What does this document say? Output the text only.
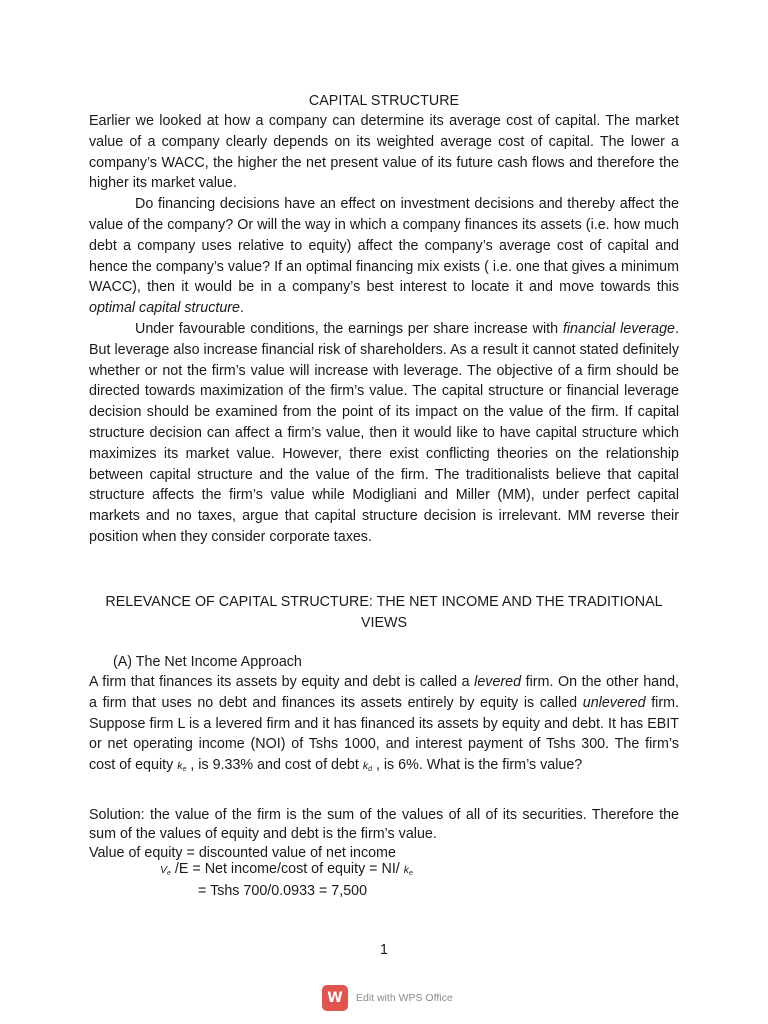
CAPITAL STRUCTURE

Earlier we looked at how a company can determine its average cost of capital. The market value of a company clearly depends on its weighted average cost of capital. The lower a company’s WACC, the higher the net present value of its future cash flows and therefore the higher its market value.

Do financing decisions have an effect on investment decisions and thereby affect the value of the company? Or will the way in which a company finances its assets (i.e. how much debt a company uses relative to equity) affect the company’s average cost of capital and hence the company’s value? If an optimal financing mix exists ( i.e. one that gives a minimum WACC), then it would be in a company’s best interest to locate it and move towards this optimal capital structure.

Under favourable conditions, the earnings per share increase with financial leverage. But leverage also increase financial risk of shareholders. As a result it cannot stated definitely whether or not the firm’s value will increase with leverage. The objective of a firm should be directed towards maximization of the firm’s value. The capital structure or financial leverage decision should be examined from the point of its impact on the value of the firm. If capital structure decision can affect a firm’s value, then it would like to have capital structure which maximizes its market value. However, there exist conflicting theories on the relationship between capital structure and the value of the firm. The traditionalists believe that capital structure affects the firm’s value while Modigliani and Miller (MM), under perfect capital markets and no taxes, argue that capital structure decision is irrelevant. MM reverse their position when they consider corporate taxes.

RELEVANCE OF CAPITAL STRUCTURE: THE NET INCOME AND THE TRADITIONAL VIEWS
(A) The Net Income Approach

A firm that finances its assets by equity and debt is called a levered firm. On the other hand, a firm that uses no debt and finances its assets entirely by equity is called unlevered firm. Suppose firm L is a levered firm and it has financed its assets by equity and debt. It has EBIT or net operating income (NOI) of Tshs 1000, and interest payment of Tshs 300. The firm’s cost of equity $k_e$ , is 9.33% and cost of debt $k_d$ , is 6%. What is the firm’s value?

Solution: the value of the firm is the sum of the values of all of its securities. Therefore the sum of the values of equity and debt is the firm’s value.

Value of equity = discounted value of net income

$V_e$ /E = Net income/cost of equity = NI/ $k_e$
= Tshs 700/0.0933 = 7,500
1
W	Edit with WPS Office
